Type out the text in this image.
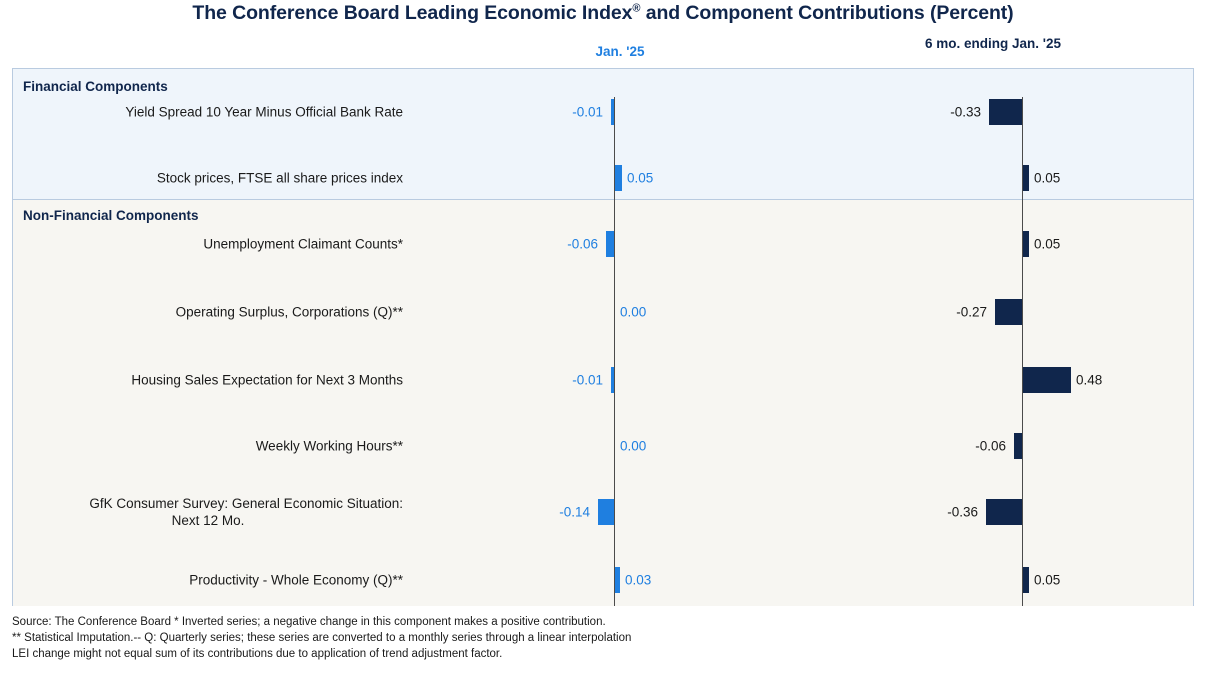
The Conference Board Leading Economic Index® and Component Contributions (Percent)
Jan. '25
6 mo. ending Jan. '25
Financial Components
Non-Financial Components
Yield Spread 10 Year Minus Official Bank Rate	-0.01	-0.33
Stock prices, FTSE all share prices index	0.05	0.05
Unemployment Claimant Counts*	-0.06	0.05
Operating Surplus, Corporations (Q)**	0.00	-0.27
Housing Sales Expectation for Next 3 Months	-0.01	0.48
Weekly Working Hours**	0.00	-0.06
GfK Consumer Survey: General Economic Situation:
Next 12 Mo.
-0.14	-0.36
Productivity - Whole Economy (Q)**	0.03	0.05
Source: The Conference Board * Inverted series; a negative change in this component makes a positive contribution.
** Statistical Imputation.-- Q: Quarterly series; these series are converted to a monthly series through a linear interpolation
LEI change might not equal sum of its contributions due to application of trend adjustment factor.
